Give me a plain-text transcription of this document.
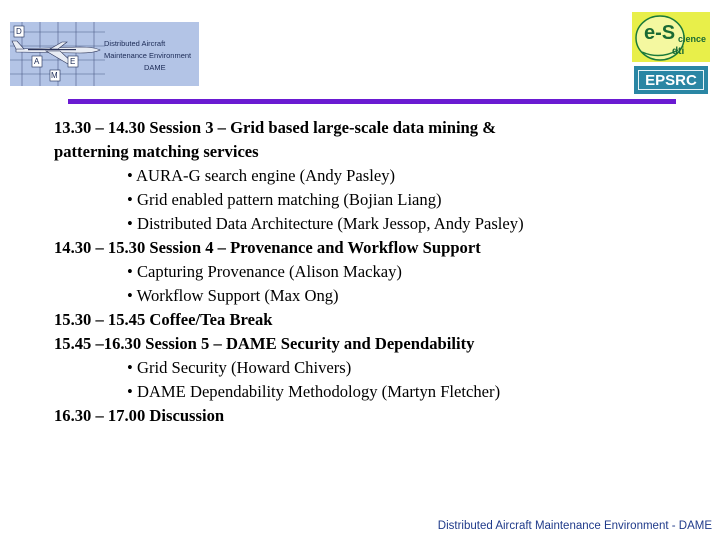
D
A
M
E
Distributed Aircraft
Maintenance Environment
DAME
e-S cience
dti
EPSRC
13.30 – 14.30 Session 3 – Grid based large-scale data mining &
patterning matching services
• AURA-G search engine (Andy Pasley)
• Grid enabled pattern matching (Bojian Liang)
• Distributed Data Architecture (Mark Jessop, Andy Pasley)
14.30 – 15.30 Session 4 – Provenance and Workflow Support
• Capturing Provenance (Alison Mackay)
• Workflow Support (Max Ong)
15.30 – 15.45 Coffee/Tea Break
15.45 –16.30 Session 5 – DAME Security and Dependability
• Grid Security (Howard Chivers)
• DAME Dependability Methodology (Martyn Fletcher)
16.30 – 17.00 Discussion
Distributed Aircraft Maintenance Environment - DAME
